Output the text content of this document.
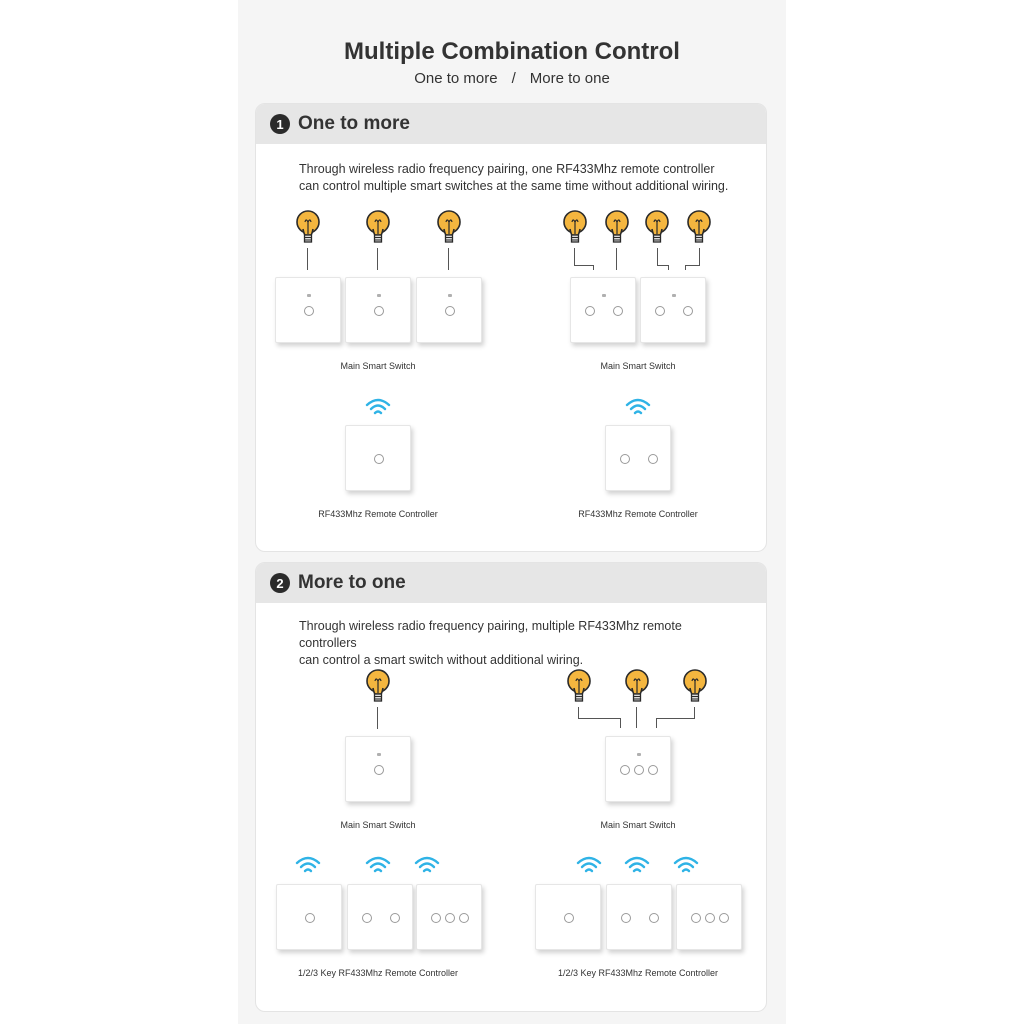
Multiple Combination Control
One to more / More to one
1 One to more
Through wireless radio frequency pairing, one RF433Mhz remote controller
can control multiple smart switches at the same time without additional wiring.
2 More to one
Through wireless radio frequency pairing, multiple RF433Mhz remote controllers
can control a smart switch without additional wiring.
Main Smart Switch	Main Smart Switch
RF433Mhz Remote Controller	RF433Mhz Remote Controller
Main Smart Switch	Main Smart Switch
1/2/3 Key RF433Mhz Remote Controller	1/2/3 Key RF433Mhz Remote Controller
